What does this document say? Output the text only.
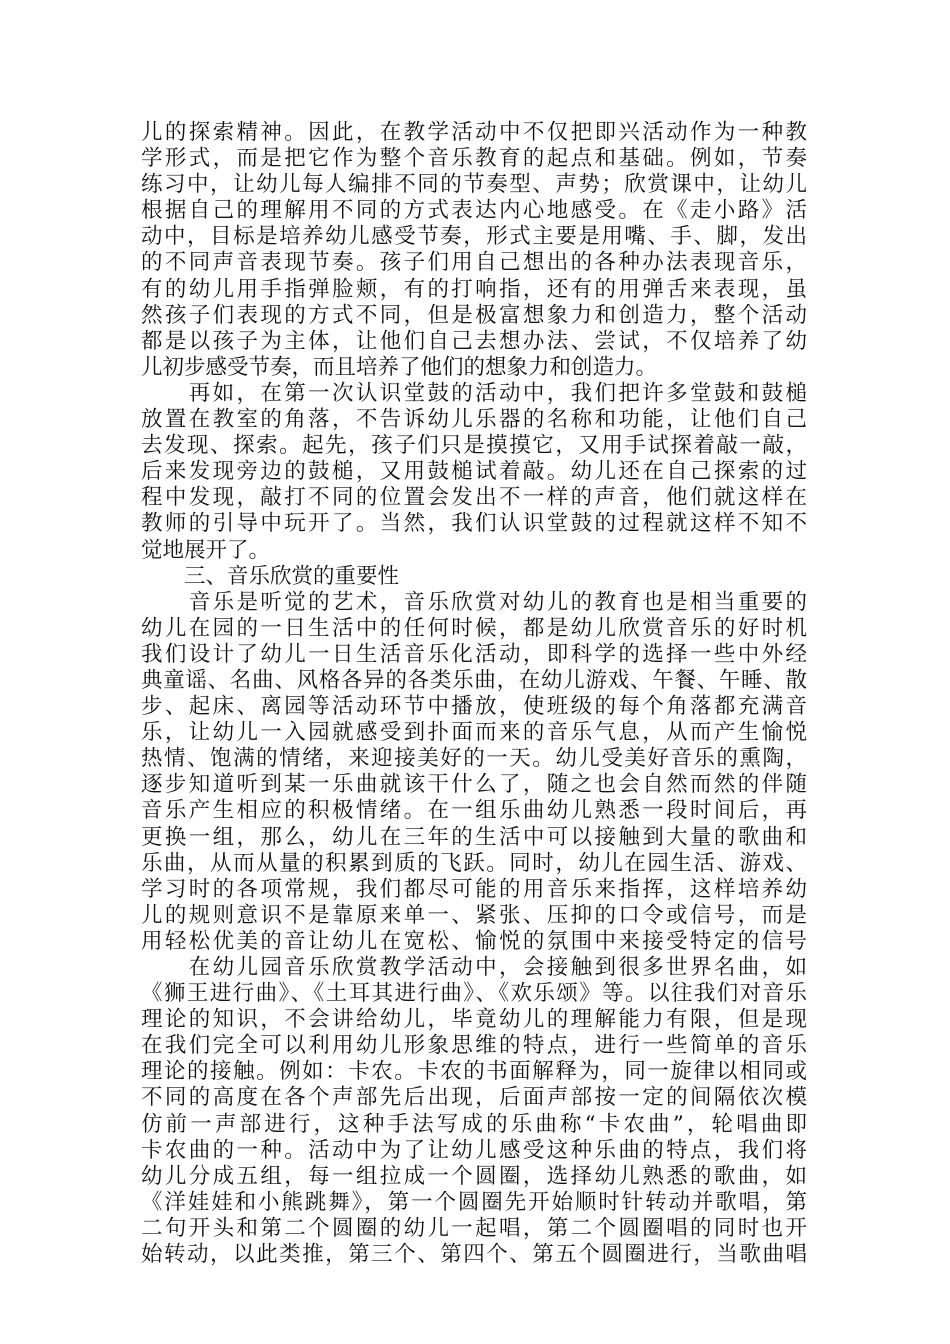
儿的探索精神。因此，在教学活动中不仅把即兴活动作为一种教
学形式，而是把它作为整个音乐教育的起点和基础。例如，节奏
练习中，让幼儿每人编排不同的节奏型、声势；欣赏课中，让幼儿
根据自己的理解用不同的方式表达内心地感受。在《走小路》活
动中，目标是培养幼儿感受节奏，形式主要是用嘴、手、脚，发出
的不同声音表现节奏。孩子们用自己想出的各种办法表现音乐，
有的幼儿用手指弹脸颊，有的打响指，还有的用弹舌来表现，虽
然孩子们表现的方式不同，但是极富想象力和创造力，整个活动
都是以孩子为主体，让他们自己去想办法、尝试，不仅培养了幼
儿初步感受节奏，而且培养了他们的想象力和创造力。
　　再如，在第一次认识堂鼓的活动中，我们把许多堂鼓和鼓槌
放置在教室的角落，不告诉幼儿乐器的名称和功能，让他们自己
去发现、探索。起先，孩子们只是摸摸它，又用手试探着敲一敲，
后来发现旁边的鼓槌，又用鼓槌试着敲。幼儿还在自己探索的过
程中发现，敲打不同的位置会发出不一样的声音，他们就这样在
教师的引导中玩开了。当然，我们认识堂鼓的过程就这样不知不
觉地展开了。
　　三、音乐欣赏的重要性
　　音乐是听觉的艺术，音乐欣赏对幼儿的教育也是相当重要的
幼儿在园的一日生活中的任何时候，都是幼儿欣赏音乐的好时机
我们设计了幼儿一日生活音乐化活动，即科学的选择一些中外经
典童谣、名曲、风格各异的各类乐曲，在幼儿游戏、午餐、午睡、散
步、起床、离园等活动环节中播放，使班级的每个角落都充满音
乐，让幼儿一入园就感受到扑面而来的音乐气息，从而产生愉悦
热情、饱满的情绪，来迎接美好的一天。幼儿受美好音乐的熏陶，
逐步知道听到某一乐曲就该干什么了，随之也会自然而然的伴随
音乐产生相应的积极情绪。在一组乐曲幼儿熟悉一段时间后，再
更换一组，那么，幼儿在三年的生活中可以接触到大量的歌曲和
乐曲，从而从量的积累到质的飞跃。同时，幼儿在园生活、游戏、
学习时的各项常规，我们都尽可能的用音乐来指挥，这样培养幼
儿的规则意识不是靠原来单一、紧张、压抑的口令或信号，而是
用轻松优美的音让幼儿在宽松、愉悦的氛围中来接受特定的信号
　　在幼儿园音乐欣赏教学活动中，会接触到很多世界名曲，如
《狮王进行曲》、《土耳其进行曲》、《欢乐颂》等。以往我们对音乐
理论的知识，不会讲给幼儿，毕竟幼儿的理解能力有限，但是现
在我们完全可以利用幼儿形象思维的特点，进行一些简单的音乐
理论的接触。例如：卡农。卡农的书面解释为，同一旋律以相同或
不同的高度在各个声部先后出现，后面声部按一定的间隔依次模
仿前一声部进行，这种手法写成的乐曲称“卡农曲”，轮唱曲即
卡农曲的一种。活动中为了让幼儿感受这种乐曲的特点，我们将
幼儿分成五组，每一组拉成一个圆圈，选择幼儿熟悉的歌曲，如
《洋娃娃和小熊跳舞》，第一个圆圈先开始顺时针转动并歌唱，第
二句开头和第二个圆圈的幼儿一起唱，第二个圆圈唱的同时也开
始转动，以此类推，第三个、第四个、第五个圆圈进行，当歌曲唱
